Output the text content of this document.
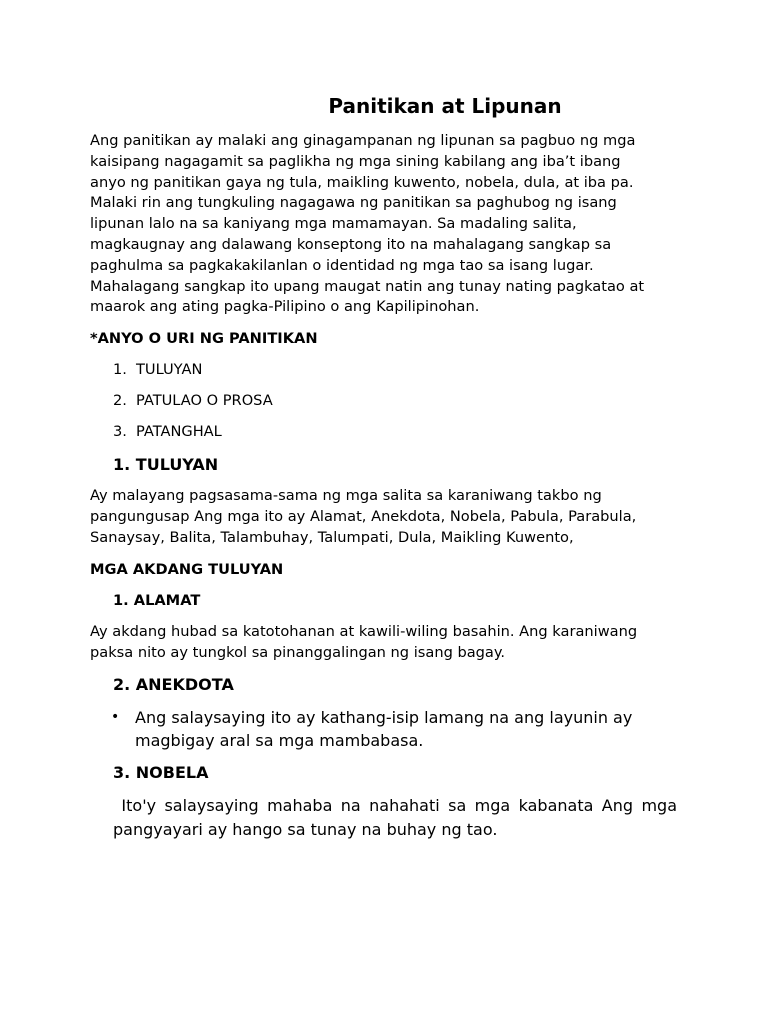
Panitikan at Lipunan
Ang panitikan ay malaki ang ginagampanan ng lipunan sa pagbuo ng mga
kaisipang nagagamit sa paglikha ng mga sining kabilang ang iba’t ibang
anyo ng panitikan gaya ng tula, maikling kuwento, nobela, dula, at iba pa.
Malaki rin ang tungkuling nagagawa ng panitikan sa paghubog ng isang
lipunan lalo na sa kaniyang mga mamamayan. Sa madaling salita,
magkaugnay ang dalawang konseptong ito na mahalagang sangkap sa
paghulma sa pagkakakilanlan o identidad ng mga tao sa isang lugar.
Mahalagang sangkap ito upang maugat natin ang tunay nating pagkatao at
maarok ang ating pagka-Pilipino o ang Kapilipinohan.
*ANYO O URI NG PANITIKAN
1. TULUYAN
2. PATULAO O PROSA
3. PATANGHAL
1. TULUYAN
Ay malayang pagsasama-sama ng mga salita sa karaniwang takbo ng
pangungusap Ang mga ito ay Alamat, Anekdota, Nobela, Pabula, Parabula,
Sanaysay, Balita, Talambuhay, Talumpati, Dula, Maikling Kuwento,
MGA AKDANG TULUYAN
1. ALAMAT
Ay akdang hubad sa katotohanan at kawili-wiling basahin. Ang karaniwang
paksa nito ay tungkol sa pinanggalingan ng isang bagay.
2. ANEKDOTA
• Ang salaysaying ito ay kathang-isip lamang na ang layunin ay
magbigay aral sa mga mambabasa.
3. NOBELA
Ito'y salaysaying mahaba na nahahati sa mga kabanata Ang mga
pangyayari ay hango sa tunay na buhay ng tao.
